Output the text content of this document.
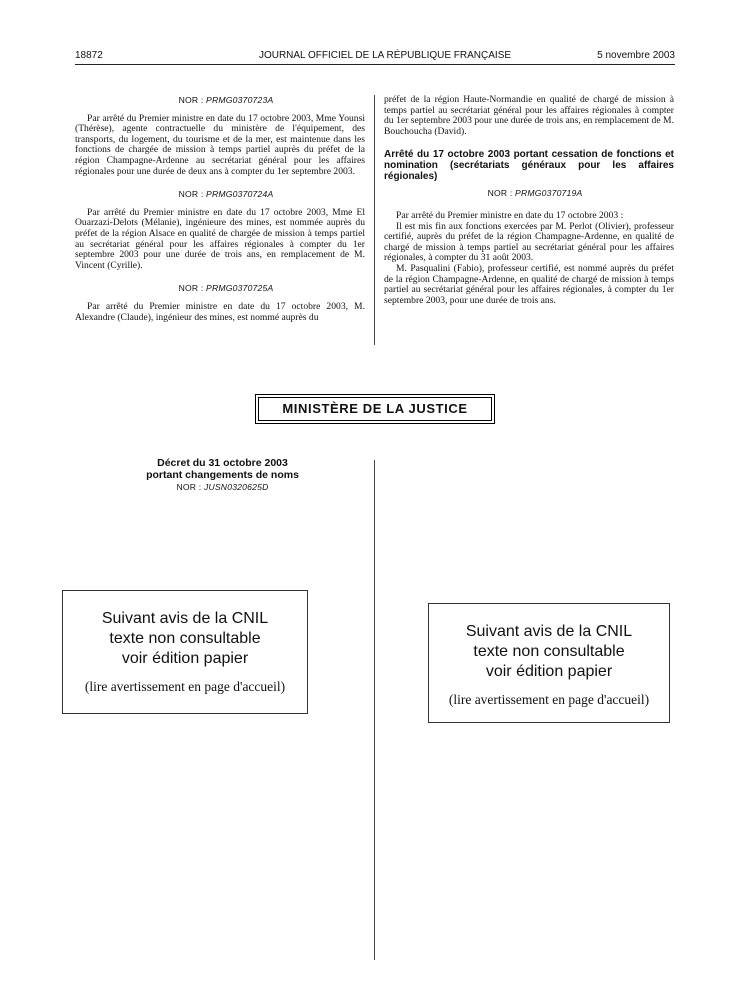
18872	JOURNAL OFFICIEL DE LA RÉPUBLIQUE FRANÇAISE	5 novembre 2003

NOR : PRMG0370723A

Par arrêté du Premier ministre en date du 17 octobre 2003, Mme Younsi (Thérèse), agente contractuelle du ministère de l'équipement, des transports, du logement, du tourisme et de la mer, est maintenue dans les fonctions de chargée de mission à temps partiel auprès du préfet de la région Champagne-Ardenne au secrétariat général pour les affaires régionales pour une durée de deux ans à compter du 1er septembre 2003.

NOR : PRMG0370724A

Par arrêté du Premier ministre en date du 17 octobre 2003, Mme El Ouarzazi-Delots (Mélanie), ingénieure des mines, est nommée auprès du préfet de la région Alsace en qualité de chargée de mission à temps partiel au secrétariat général pour les affaires régionales à compter du 1er septembre 2003 pour une durée de trois ans, en remplacement de M. Vincent (Cyrille).

NOR : PRMG0370725A

Par arrêté du Premier ministre en date du 17 octobre 2003, M. Alexandre (Claude), ingénieur des mines, est nommé auprès du

préfet de la région Haute-Normandie en qualité de chargé de mission à temps partiel au secrétariat général pour les affaires régionales à compter du 1er septembre 2003 pour une durée de trois ans, en remplacement de M. Bouchoucha (David).

Arrêté du 17 octobre 2003 portant cessation de fonctions et nomination (secrétariats généraux pour les affaires régionales)

NOR : PRMG0370719A

Par arrêté du Premier ministre en date du 17 octobre 2003 :

Il est mis fin aux fonctions exercées par M. Perlot (Olivier), professeur certifié, auprès du préfet de la région Champagne-Ardenne, en qualité de chargé de mission à temps partiel au secrétariat général pour les affaires régionales, à compter du 31 août 2003.

M. Pasqualini (Fabio), professeur certifié, est nommé auprès du préfet de la région Champagne-Ardenne, en qualité de chargé de mission à temps partiel au secrétariat général pour les affaires régionales, à compter du 1er septembre 2003, pour une durée de trois ans.

MINISTÈRE DE LA JUSTICE
Décret du 31 octobre 2003
portant changements de noms
NOR : JUSN0320625D
Suivant avis de la CNIL
texte non consultable
voir édition papier
(lire avertissement en page d'accueil)
Suivant avis de la CNIL
texte non consultable
voir édition papier
(lire avertissement en page d'accueil)
